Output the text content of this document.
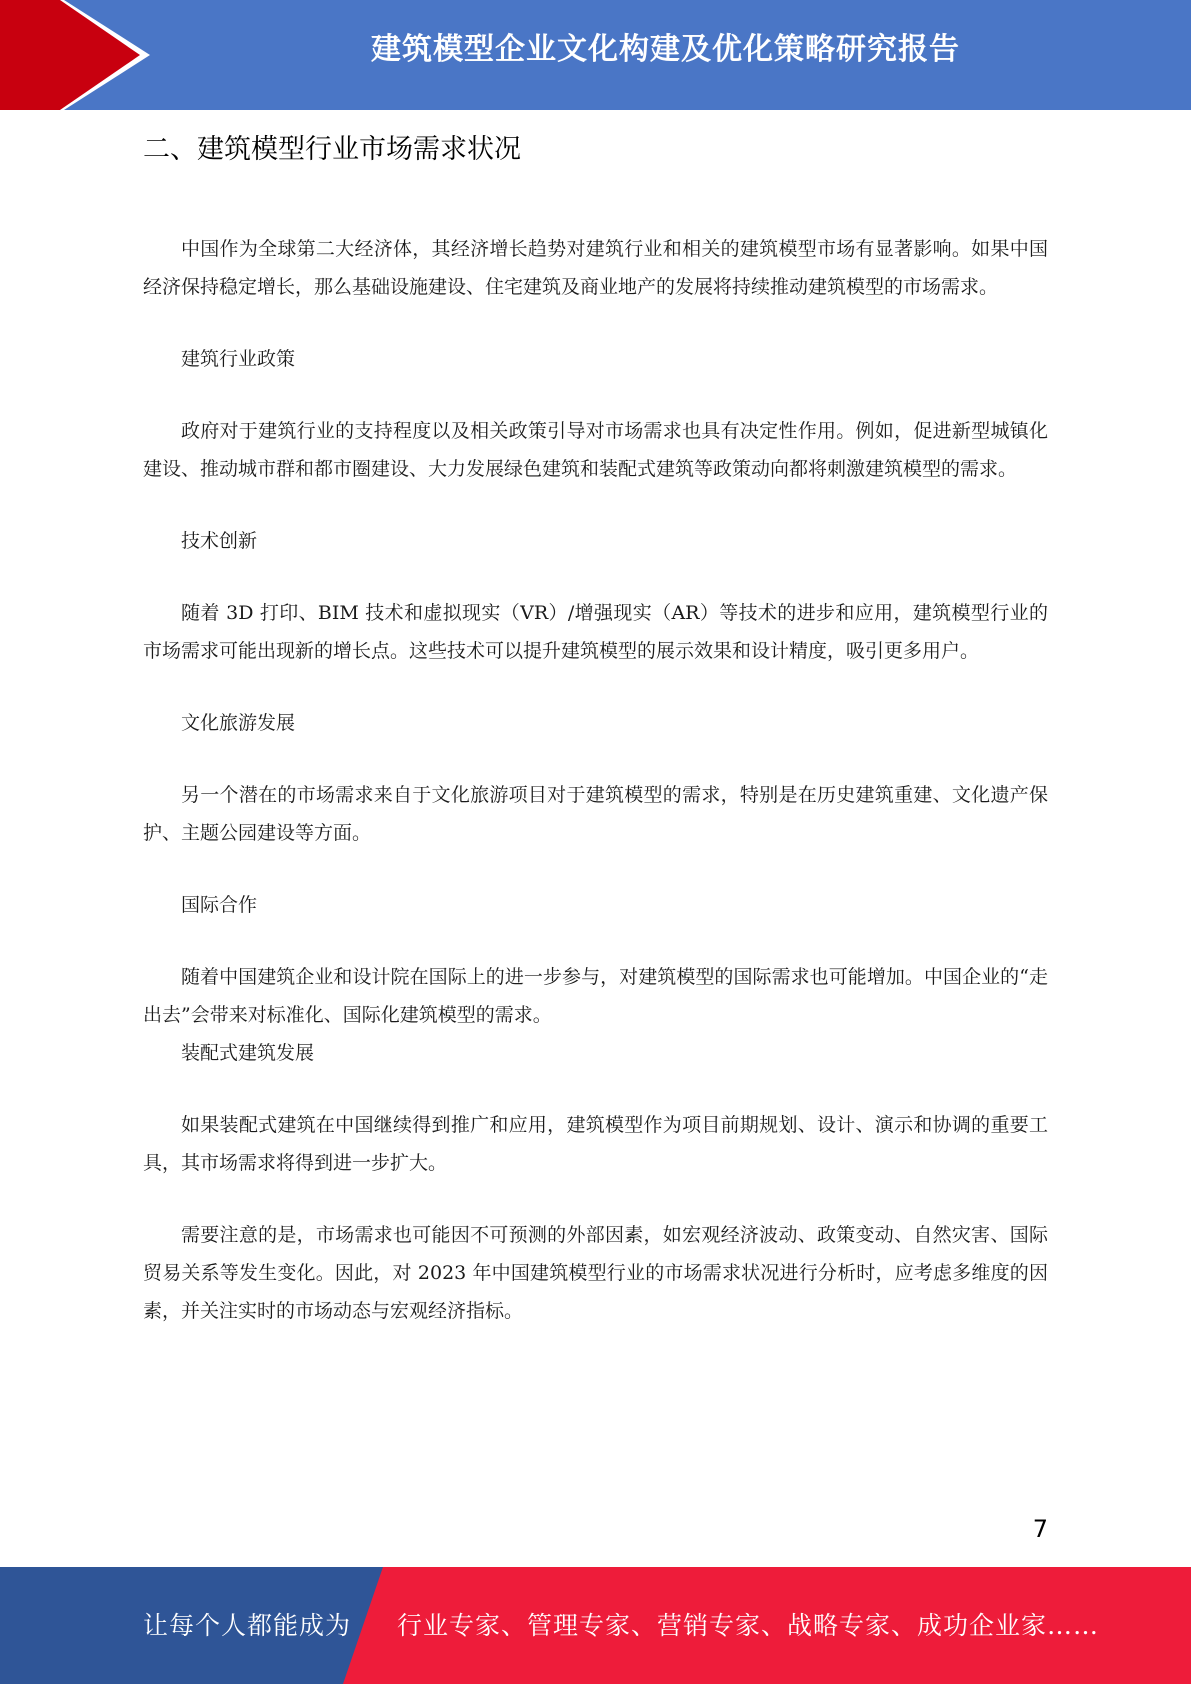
建筑模型企业文化构建及优化策略研究报告
二、建筑模型行业市场需求状况

中国作为全球第二大经济体，其经济增长趋势对建筑行业和相关的建筑模型市场有显著影响。如果中国经济保持稳定增长，那么基础设施建设、住宅建筑及商业地产的发展将持续推动建筑模型的市场需求。

建筑行业政策

政府对于建筑行业的支持程度以及相关政策引导对市场需求也具有决定性作用。例如，促进新型城镇化建设、推动城市群和都市圈建设、大力发展绿色建筑和装配式建筑等政策动向都将刺激建筑模型的需求。

技术创新

随着 3D 打印、BIM 技术和虚拟现实（VR）/增强现实（AR）等技术的进步和应用，建筑模型行业的市场需求可能出现新的增长点。这些技术可以提升建筑模型的展示效果和设计精度，吸引更多用户。

文化旅游发展

另一个潜在的市场需求来自于文化旅游项目对于建筑模型的需求，特别是在历史建筑重建、文化遗产保护、主题公园建设等方面。

国际合作

随着中国建筑企业和设计院在国际上的进一步参与，对建筑模型的国际需求也可能增加。中国企业的“走出去”会带来对标准化、国际化建筑模型的需求。

装配式建筑发展

如果装配式建筑在中国继续得到推广和应用，建筑模型作为项目前期规划、设计、演示和协调的重要工具，其市场需求将得到进一步扩大。

需要注意的是，市场需求也可能因不可预测的外部因素，如宏观经济波动、政策变动、自然灾害、国际贸易关系等发生变化。因此，对 2023 年中国建筑模型行业的市场需求状况进行分析时，应考虑多维度的因素，并关注实时的市场动态与宏观经济指标。

7
让每个人都能成为 行业专家、管理专家、营销专家、战略专家、成功企业家……
